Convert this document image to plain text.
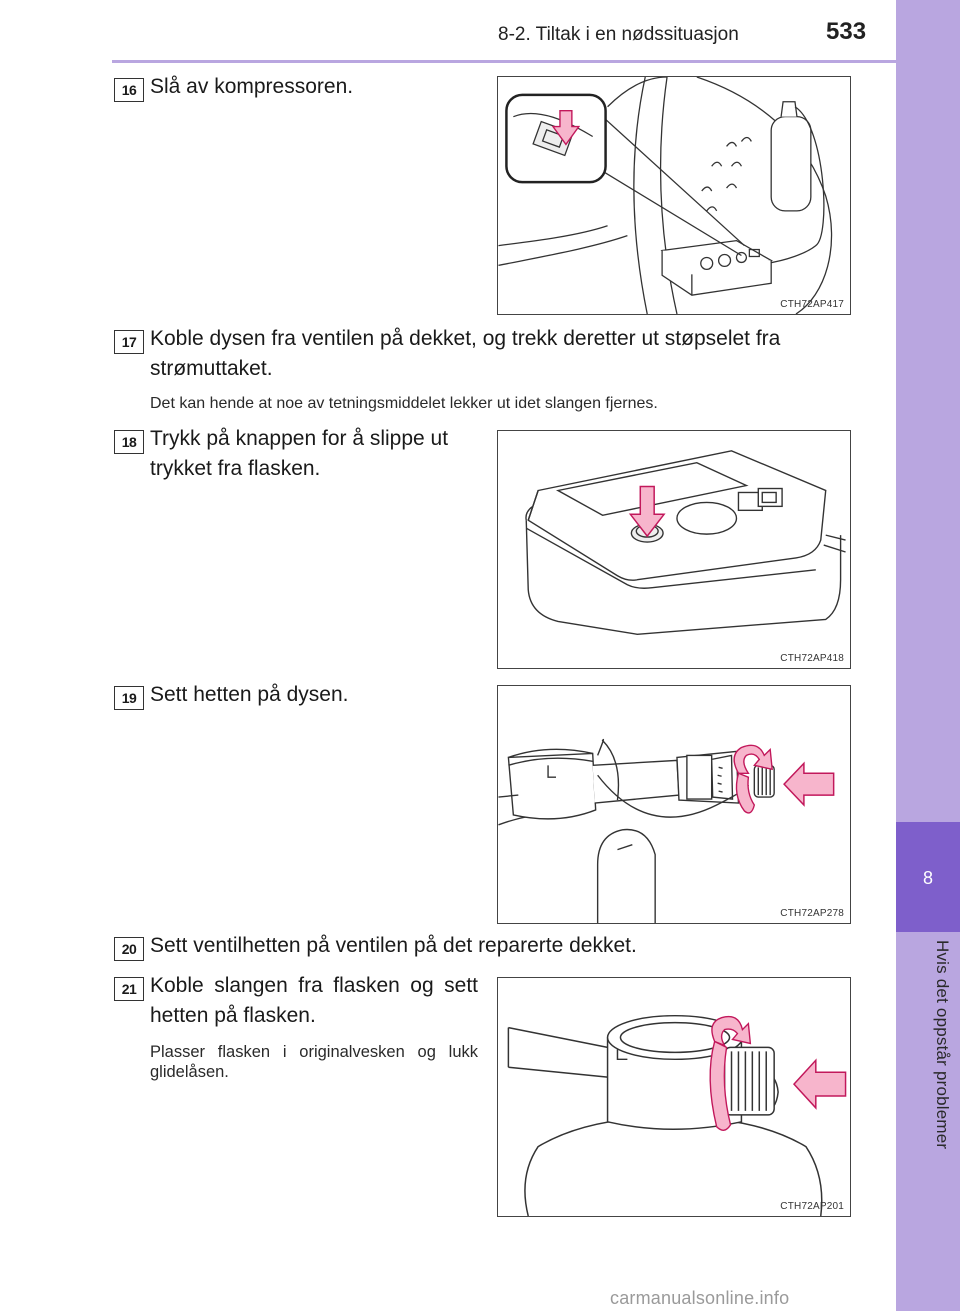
8
Hvis det oppstår problemer
8-2. Tiltak i en nødssituasjon	533
16 Slå av kompressoren.
CTH72AP417
17 Koble dysen fra ventilen på dekket, og trekk deretter ut støpselet fra strømuttaket.
Det kan hende at noe av tetningsmiddelet lekker ut idet slangen fjernes.
18 Trykk på knappen for å slippe ut trykket fra flasken.
CTH72AP418
19 Sett hetten på dysen.
CTH72AP278
20 Sett ventilhetten på ventilen på det reparerte dekket.
21 Koble slangen fra flasken og sett hetten på flasken.
Plasser flasken i originalvesken og lukk glidelåsen.
CTH72AP201
carmanualsonline.info
